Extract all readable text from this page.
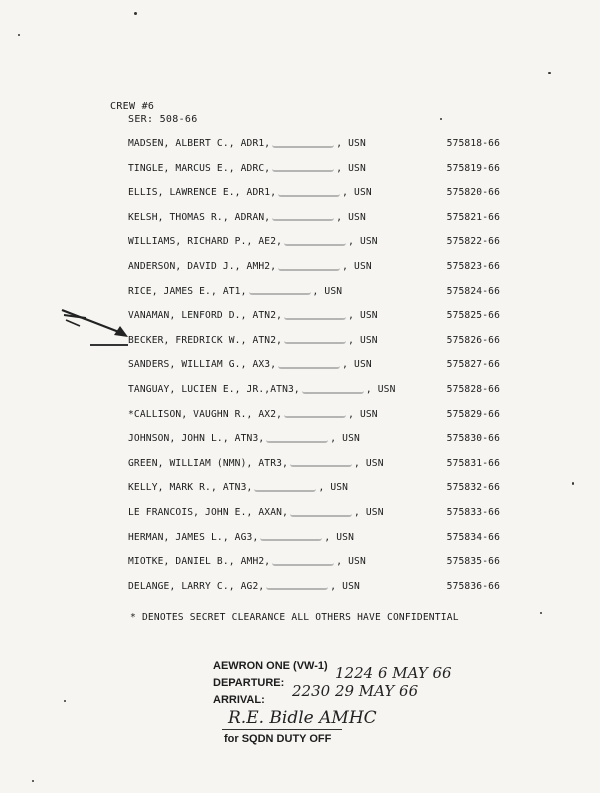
CREW #6
SER: 508-66
MADSEN, ALBERT C., ADR1,	, USN	575818-66
TINGLE, MARCUS E., ADRC,	, USN	575819-66
ELLIS, LAWRENCE E., ADR1,	, USN	575820-66
KELSH, THOMAS R., ADRAN,	, USN	575821-66
WILLIAMS, RICHARD P., AE2,	, USN	575822-66
ANDERSON, DAVID J., AMH2,	, USN	575823-66
RICE, JAMES E., AT1,	, USN	575824-66
VANAMAN, LENFORD D., ATN2,	, USN	575825-66
BECKER, FREDRICK W., ATN2,	, USN	575826-66
SANDERS, WILLIAM G., AX3,	, USN	575827-66
TANGUAY, LUCIEN E., JR.,ATN3,	, USN	575828-66
*CALLISON, VAUGHN R., AX2,	, USN	575829-66
JOHNSON, JOHN L., ATN3,	, USN	575830-66
GREEN, WILLIAM (NMN), ATR3,	, USN	575831-66
KELLY, MARK R., ATN3,	, USN	575832-66
LE FRANCOIS, JOHN E., AXAN,	, USN	575833-66
HERMAN, JAMES L., AG3,	, USN	575834-66
MIOTKE, DANIEL B., AMH2,	, USN	575835-66
DELANGE, LARRY C., AG2,	, USN	575836-66
* DENOTES SECRET CLEARANCE ALL OTHERS HAVE CONFIDENTIAL
AEWRON ONE (VW-1)
DEPARTURE:
ARRIVAL:
1224 6 MAY 66
2230 29 MAY 66
R.E. Bidle AMHC
for SQDN DUTY OFF
